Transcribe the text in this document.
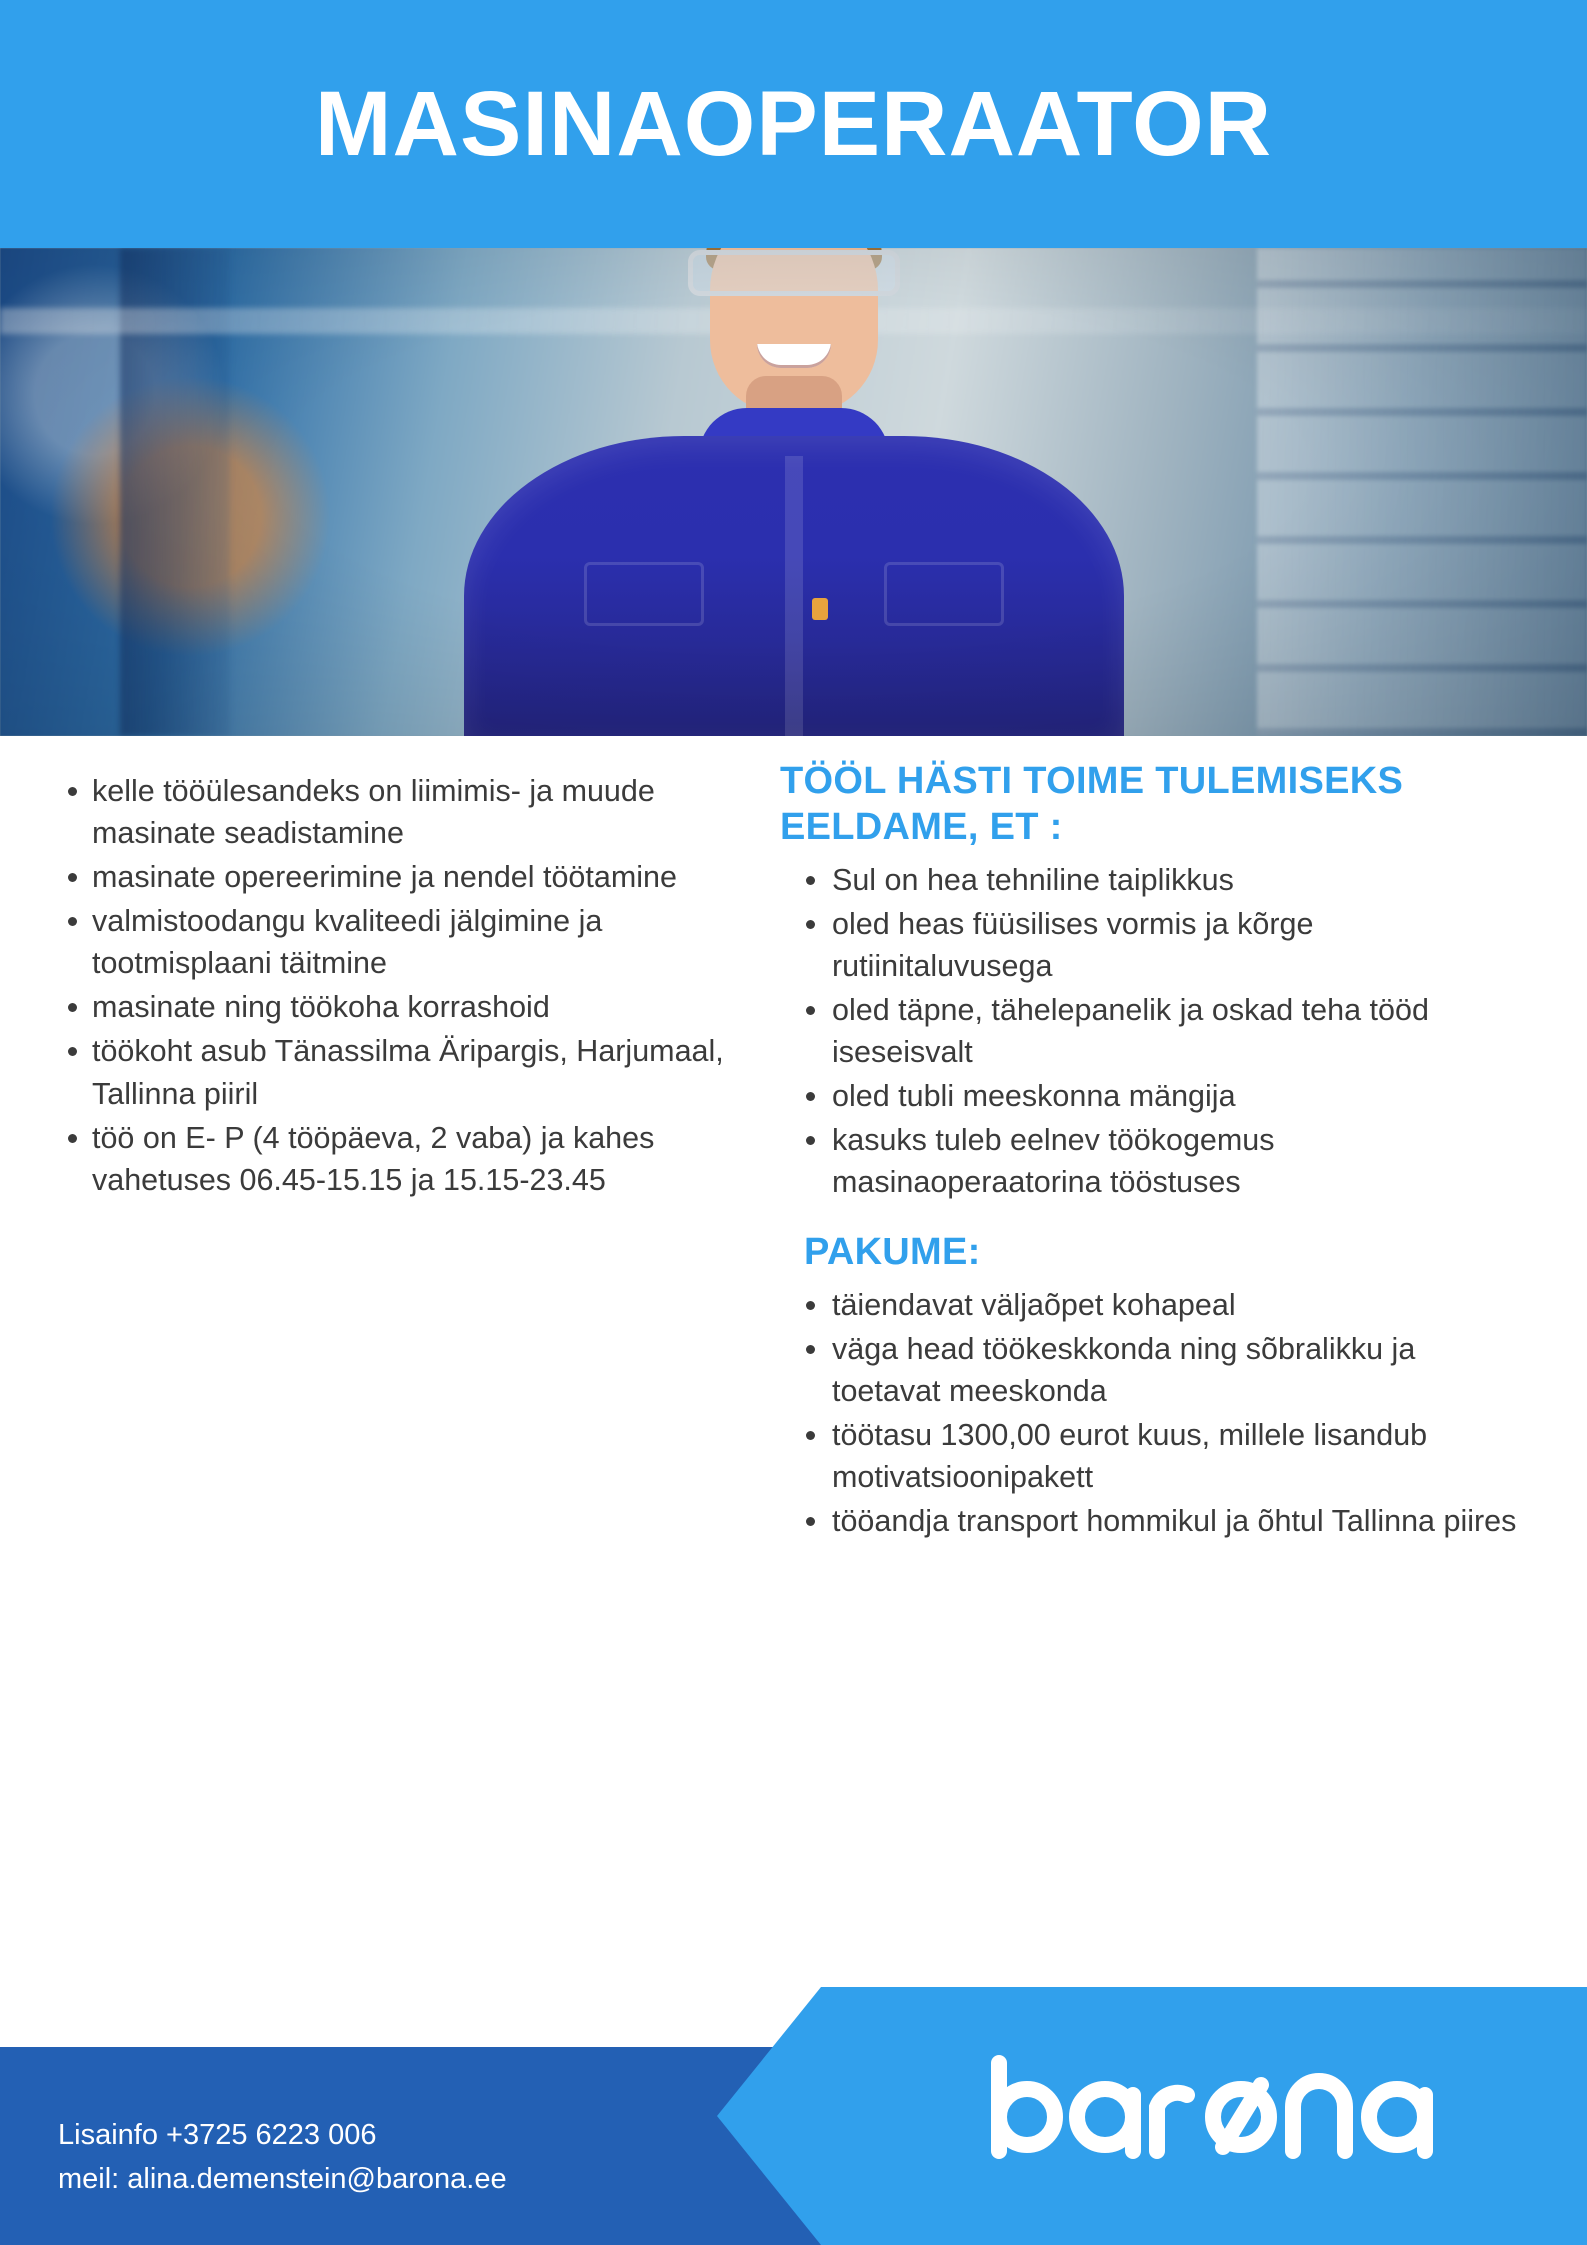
MASINAOPERAATOR
kelle tööülesandeks on liimimis- ja muude masinate seadistamine
masinate opereerimine ja nendel töötamine
valmistoodangu kvaliteedi jälgimine ja tootmisplaani täitmine
masinate ning töökoha korrashoid
töökoht asub Tänassilma Äripargis, Harjumaal, Tallinna piiril
töö on E- P (4 tööpäeva, 2 vaba) ja kahes vahetuses 06.45-15.15 ja 15.15-23.45
TÖÖL HÄSTI TOIME TULEMISEKS EELDAME, ET :
Sul on hea tehniline taiplikkus
oled heas füüsilises vormis ja kõrge rutiinitaluvusega
oled täpne, tähelepanelik ja oskad teha tööd iseseisvalt
oled tubli meeskonna mängija
kasuks tuleb eelnev töökogemus masinaoperaatorina tööstuses
PAKUME:
täiendavat väljaõpet kohapeal
väga head töökeskkonda ning sõbralikku ja toetavat meeskonda
töötasu 1300,00 eurot kuus, millele lisandub motivatsioonipakett
tööandja transport hommikul ja õhtul Tallinna piires
Lisainfo +3725 6223 006
meil: alina.demenstein@barona.ee
